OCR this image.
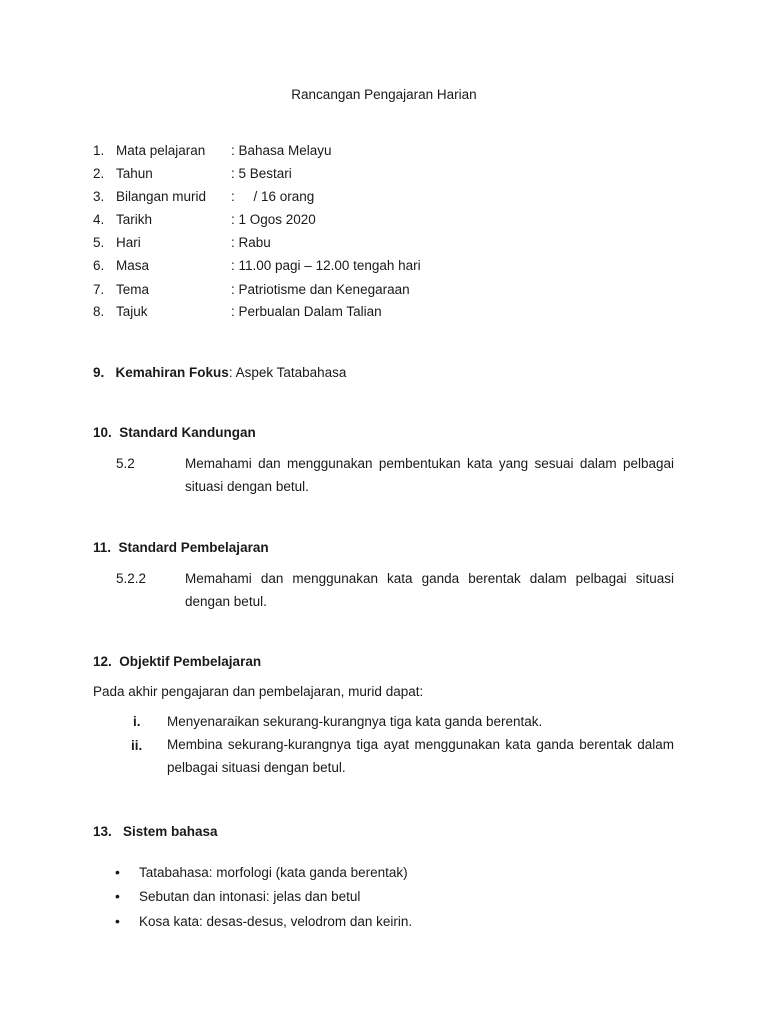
Rancangan Pengajaran Harian
1. Mata pelajaran : Bahasa Melayu
2. Tahun	: 5 Bestari
3. Bilangan murid :     / 16 orang
4. Tarikh	: 1 Ogos 2020
5. Hari	: Rabu
6. Masa	: 11.00 pagi – 12.00 tengah hari
7. Tema	: Patriotisme dan Kenegaraan
8. Tajuk	: Perbualan Dalam Talian
9. Kemahiran Fokus: Aspek Tatabahasa
10.  Standard Kandungan
5.2	Memahami dan menggunakan pembentukan kata yang sesuai dalam pelbagai situasi dengan betul.
11.  Standard Pembelajaran
5.2.2	Memahami dan menggunakan kata ganda berentak dalam pelbagai situasi dengan betul.
12.  Objektif Pembelajaran
Pada akhir pengajaran dan pembelajaran, murid dapat:
i. Menyenaraikan sekurang-kurangnya tiga kata ganda berentak.
ii. Membina sekurang-kurangnya tiga ayat menggunakan kata ganda berentak dalam pelbagai situasi dengan betul.
13.   Sistem bahasa
• Tatabahasa: morfologi (kata ganda berentak)
• Sebutan dan intonasi: jelas dan betul
• Kosa kata: desas-desus, velodrom dan keirin.
